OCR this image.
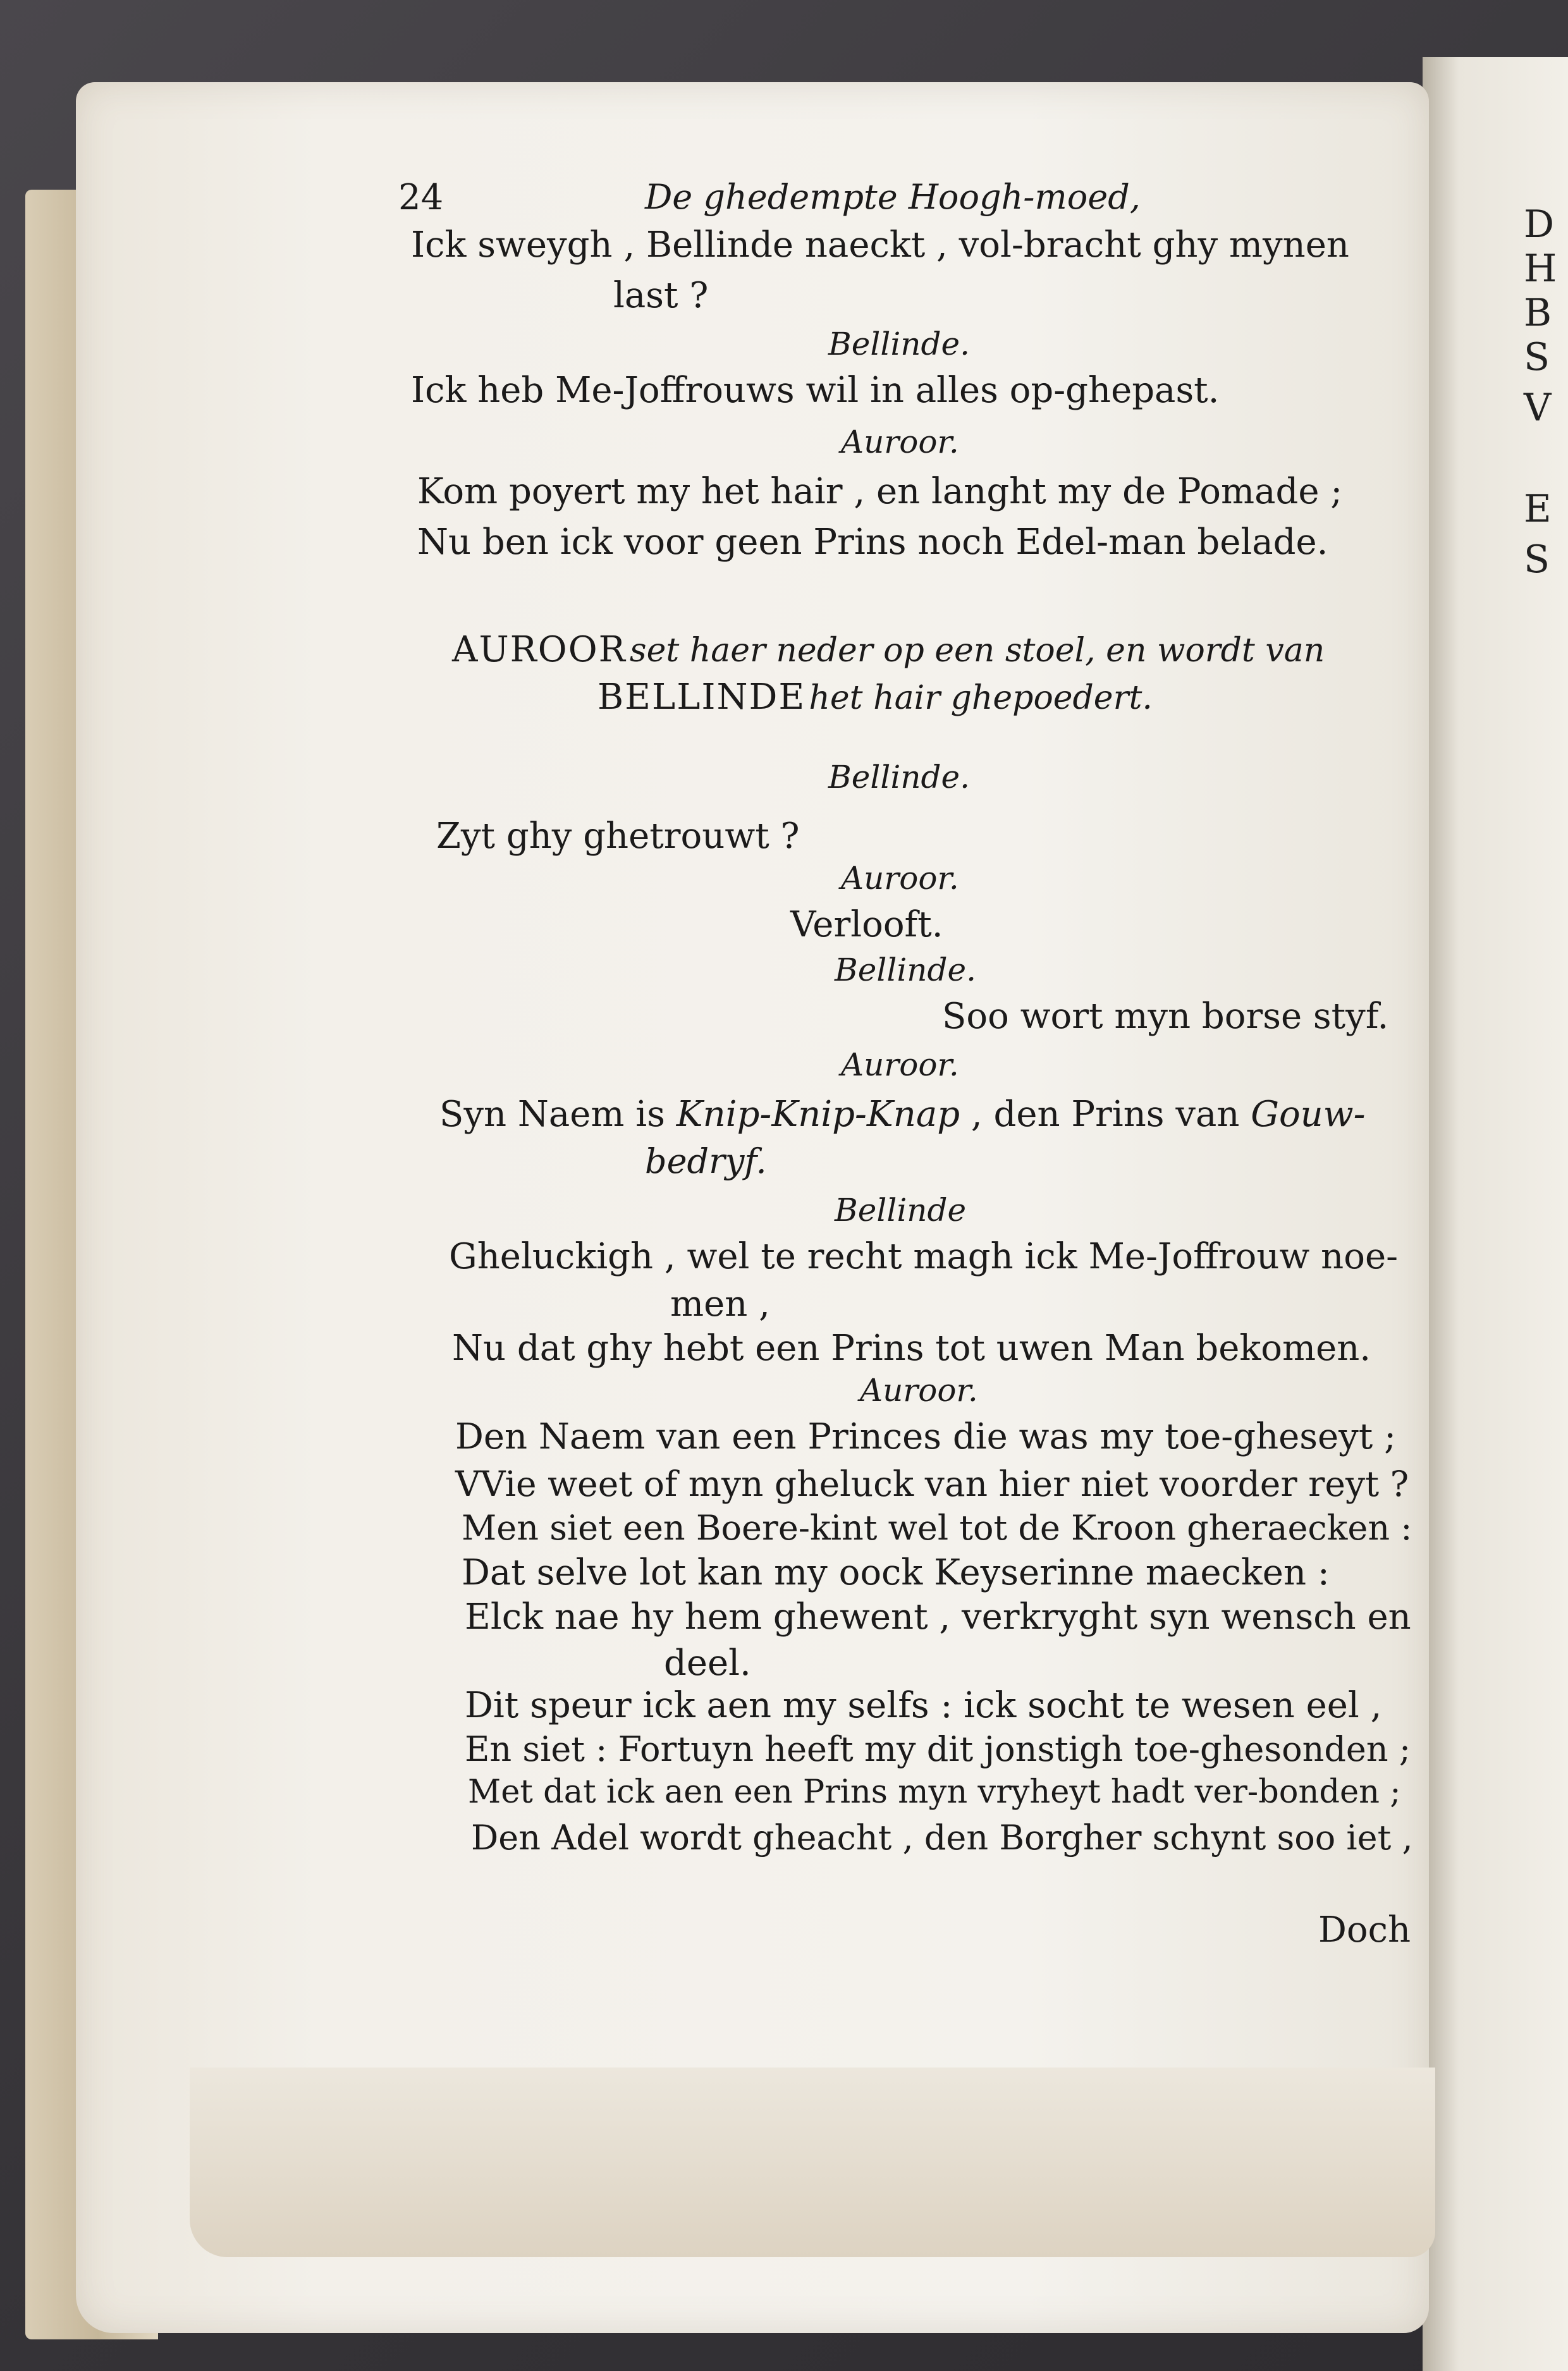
D
H
B
S
V
E
S
24	De ghedempte Hoogh-moed,
Ick sweygh , Bellinde naeckt , vol-bracht ghy mynen
last ?
Bellinde.
Ick heb Me-Joffrouws wil in alles op-ghepast.
Auroor.
Kom poyert my het hair , en langht my de Pomade ;
Nu ben ick voor geen Prins noch Edel-man belade.
AUROOR set haer neder op een stoel, en wordt van
BELLINDE het hair ghepoedert.
Bellinde.
Zyt ghy ghetrouwt ?
Auroor.
Verlooft.
Bellinde.
Soo wort myn borse styf.
Auroor.
Syn Naem is Knip-Knip-Knap , den Prins van Gouw-
bedryf.
Bellinde
Gheluckigh , wel te recht magh ick Me-Joffrouw noe-
men ,
Nu dat ghy hebt een Prins tot uwen Man bekomen.
Auroor.
Den Naem van een Princes die was my toe-gheseyt ;
VVie weet of myn gheluck van hier niet voorder reyt ?
Men siet een Boere-kint wel tot de Kroon gheraecken :
Dat selve lot kan my oock Keyserinne maecken :
Elck nae hy hem ghewent , verkryght syn wensch en
deel.
Dit speur ick aen my selfs : ick socht te wesen eel ,
En siet : Fortuyn heeft my dit jonstigh toe-ghesonden ;
Met dat ick aen een Prins myn vryheyt hadt ver-bonden ;
Den Adel wordt gheacht , den Borgher schynt soo iet ,
Doch
